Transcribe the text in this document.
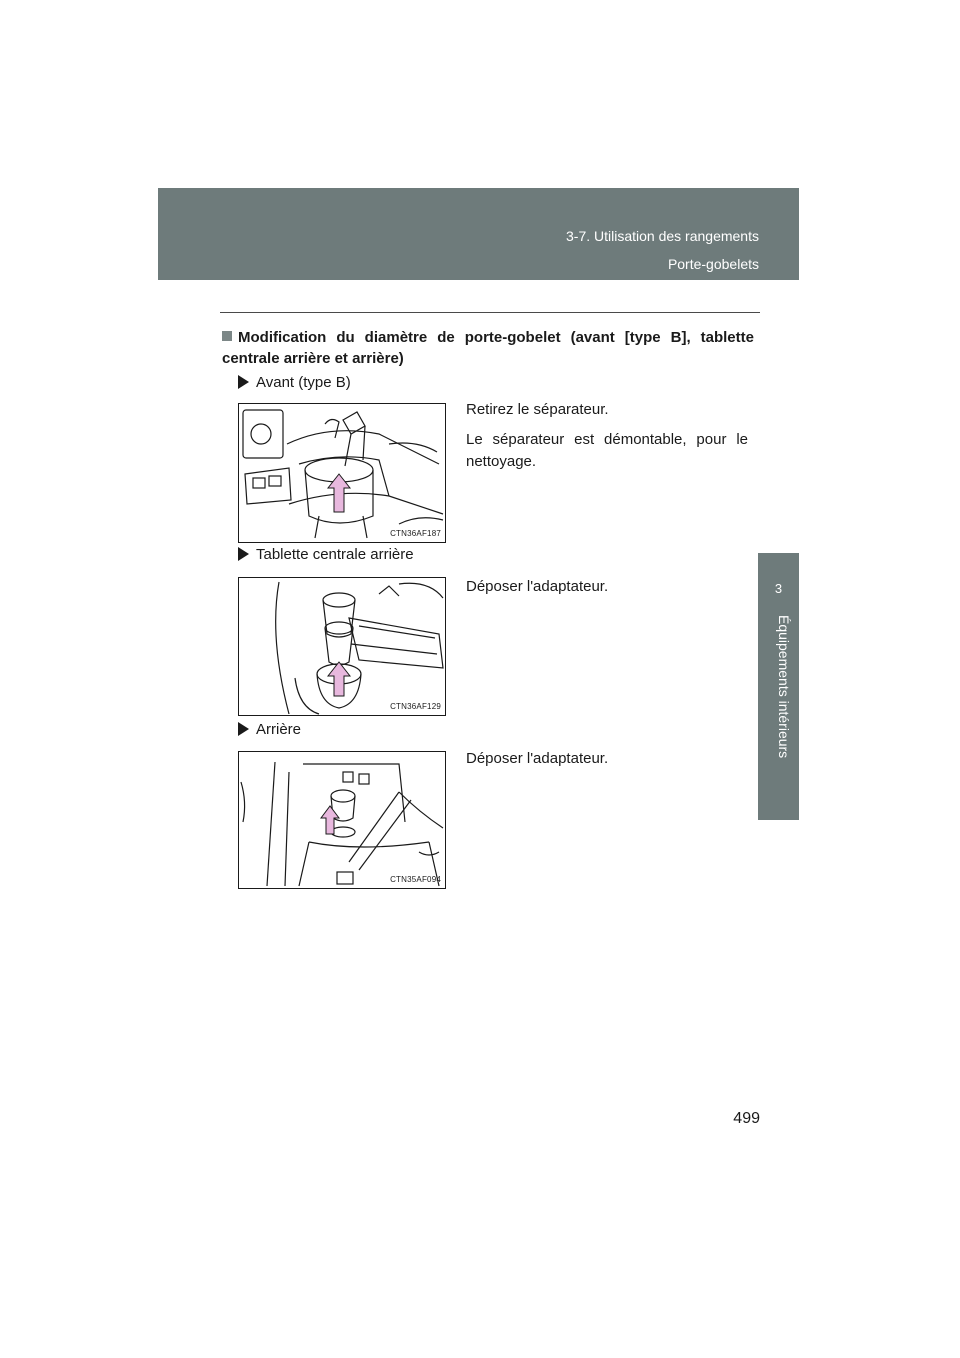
3-7. Utilisation des rangements
Porte-gobelets
3
Équipements intérieurs
Modification du diamètre de porte-gobelet (avant [type B], tablette centrale arrière et arrière)
Avant (type B)

Retirez le séparateur.

Le séparateur est démontable, pour le nettoyage.

CTN36AF187
Tablette centrale arrière

Déposer l'adaptateur.

CTN36AF129
Arrière

Déposer l'adaptateur.

CTN35AF094
499
